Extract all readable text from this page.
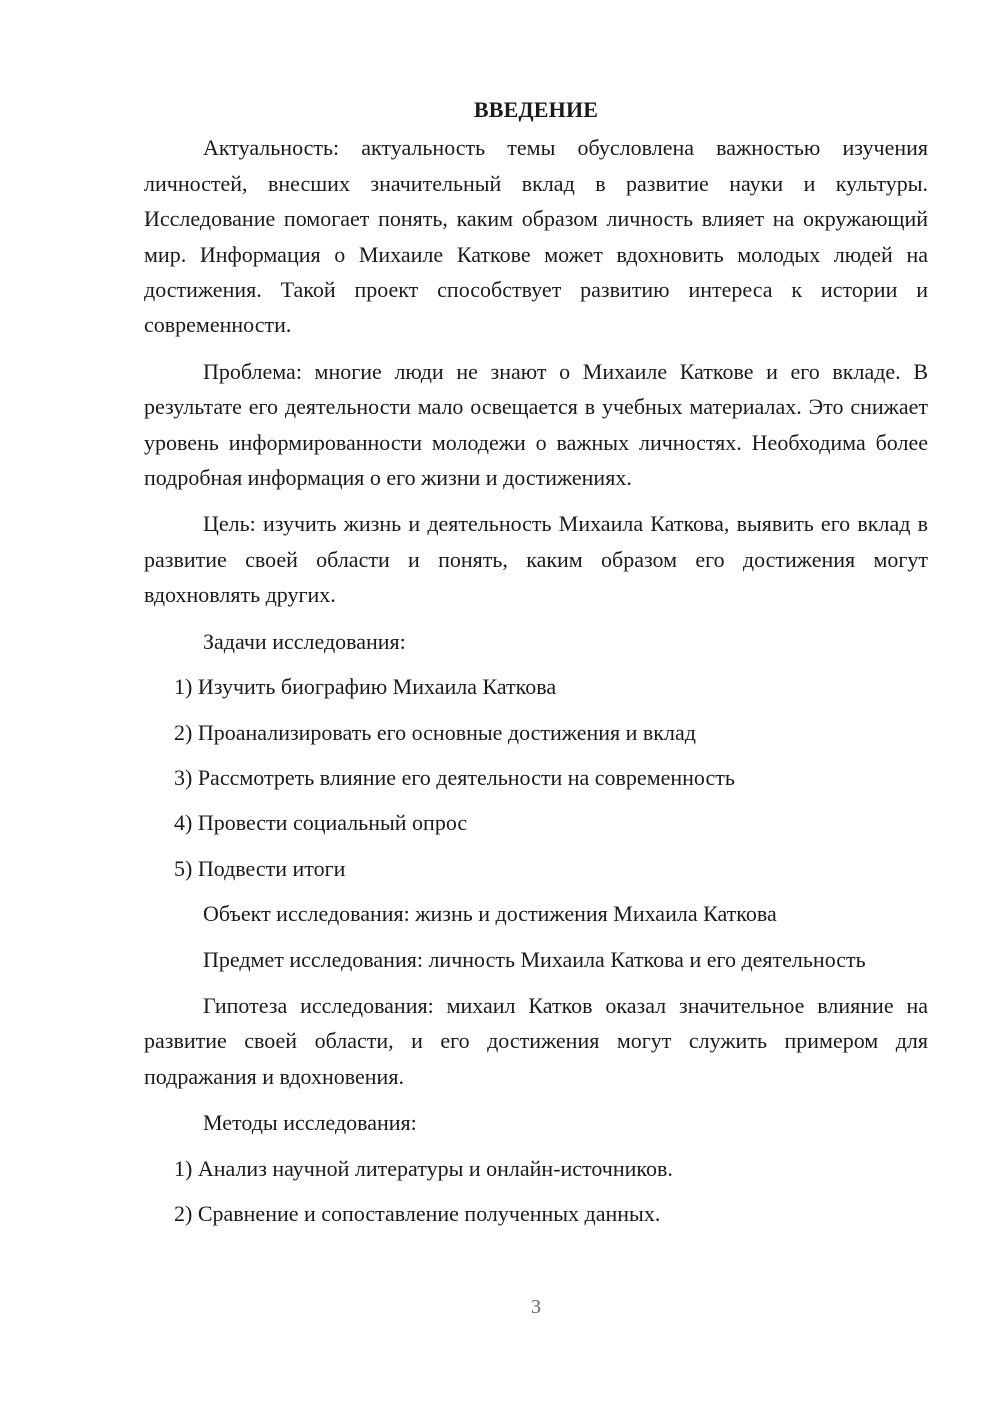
ВВЕДЕНИЕ

Актуальность: актуальность темы обусловлена важностью изучения личностей, внесших значительный вклад в развитие науки и культуры. Исследование помогает понять, каким образом личность влияет на окружающий мир. Информация о Михаиле Каткове может вдохновить молодых людей на достижения. Такой проект способствует развитию интереса к истории и современности.

Проблема: многие люди не знают о Михаиле Каткове и его вкладе. В результате его деятельности мало освещается в учебных материалах. Это снижает уровень информированности молодежи о важных личностях. Необходима более подробная информация о его жизни и достижениях.

Цель: изучить жизнь и деятельность Михаила Каткова, выявить его вклад в развитие своей области и понять, каким образом его достижения могут вдохновлять других.

Задачи исследования:

1) Изучить биографию Михаила Каткова

2) Проанализировать его основные достижения и вклад

3) Рассмотреть влияние его деятельности на современность

4) Провести социальный опрос

5) Подвести итоги

Объект исследования: жизнь и достижения Михаила Каткова

Предмет исследования: личность Михаила Каткова и его деятельность

Гипотеза исследования: михаил Катков оказал значительное влияние на развитие своей области, и его достижения могут служить примером для подражания и вдохновения.

Методы исследования:

1) Анализ научной литературы и онлайн-источников.

2) Сравнение и сопоставление полученных данных.

3
